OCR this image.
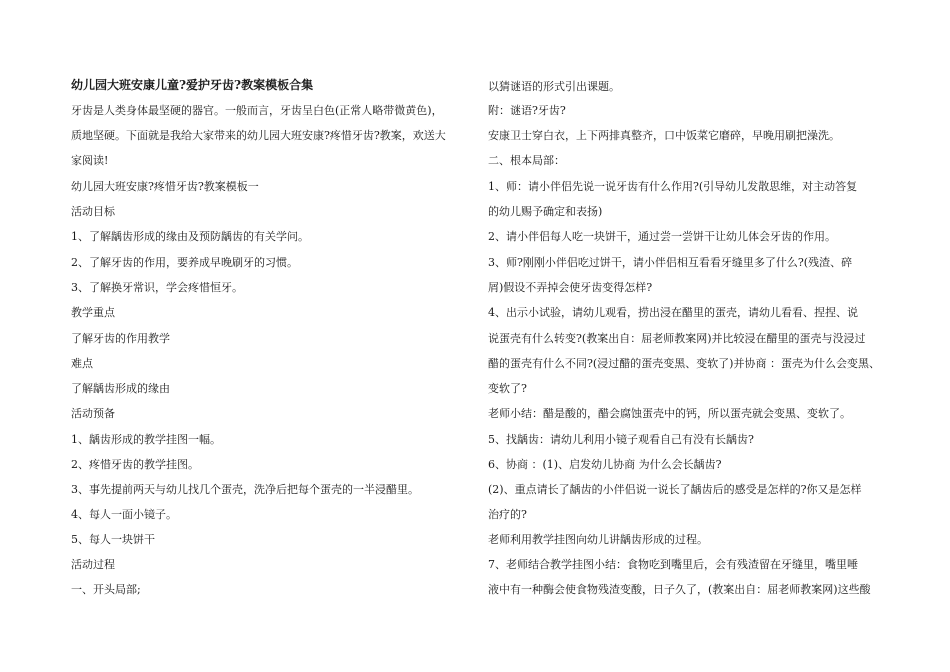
幼儿园大班安康儿童?爱护牙齿?教案模板合集
牙齿是人类身体最坚硬的器官。一般而言，牙齿呈白色(正常人略带微黄色)，
质地坚硬。下面就是我给大家带来的幼儿园大班安康?疼惜牙齿?教案，欢送大
家阅读!
幼儿园大班安康?疼惜牙齿?教案模板一
活动目标
1、了解龋齿形成的缘由及预防龋齿的有关学问。
2、了解牙齿的作用，要养成早晚刷牙的习惯。
3、了解换牙常识，学会疼惜恒牙。
教学重点
了解牙齿的作用教学
难点
了解龋齿形成的缘由
活动预备
1、龋齿形成的教学挂图一幅。
2、疼惜牙齿的教学挂图。
3、事先提前两天与幼儿找几个蛋壳，洗净后把每个蛋壳的一半浸醋里。
4、每人一面小镜子。
5、每人一块饼干
活动过程
一、开头局部;
以猜谜语的形式引出课题。
附：谜语?牙齿?
安康卫士穿白衣，上下两排真整齐，口中饭菜它磨碎，早晚用刷把澡洗。
二、根本局部：
1、师：请小伴侣先说一说牙齿有什么作用?(引导幼儿发散思维，对主动答复
的幼儿赐予确定和表扬)
2、请小伴侣每人吃一块饼干，通过尝一尝饼干让幼儿体会牙齿的作用。
3、师?刚刚小伴侣吃过饼干，请小伴侣相互看看牙缝里多了什么?(残渣、碎
屑)假设不弄掉会使牙齿变得怎样?
4、出示小试验，请幼儿观看，捞出浸在醋里的蛋壳，请幼儿看看、捏捏、说
说蛋壳有什么转变?(教案出自：屈老师教案网)并比较浸在醋里的蛋壳与没浸过
醋的蛋壳有什么不同?(浸过醋的蛋壳变黑、变软了)并协商 ：蛋壳为什么会变黑、
变软了?
老师小结：醋是酸的，醋会腐蚀蛋壳中的钙，所以蛋壳就会变黑、变软了。
5、找龋齿：请幼儿利用小镜子观看自己有没有长龋齿?
6、协商 ：(1)、启发幼儿协商 为什么会长龋齿?
(2)、重点请长了龋齿的小伴侣说一说长了龋齿后的感受是怎样的?你又是怎样
治疗的?
老师利用教学挂图向幼儿讲龋齿形成的过程。
7、老师结合教学挂图小结：食物吃到嘴里后，会有残渣留在牙缝里，嘴里唾
液中有一种酶会使食物残渣变酸，日子久了，(教案出自：屈老师教案网)这些酸
